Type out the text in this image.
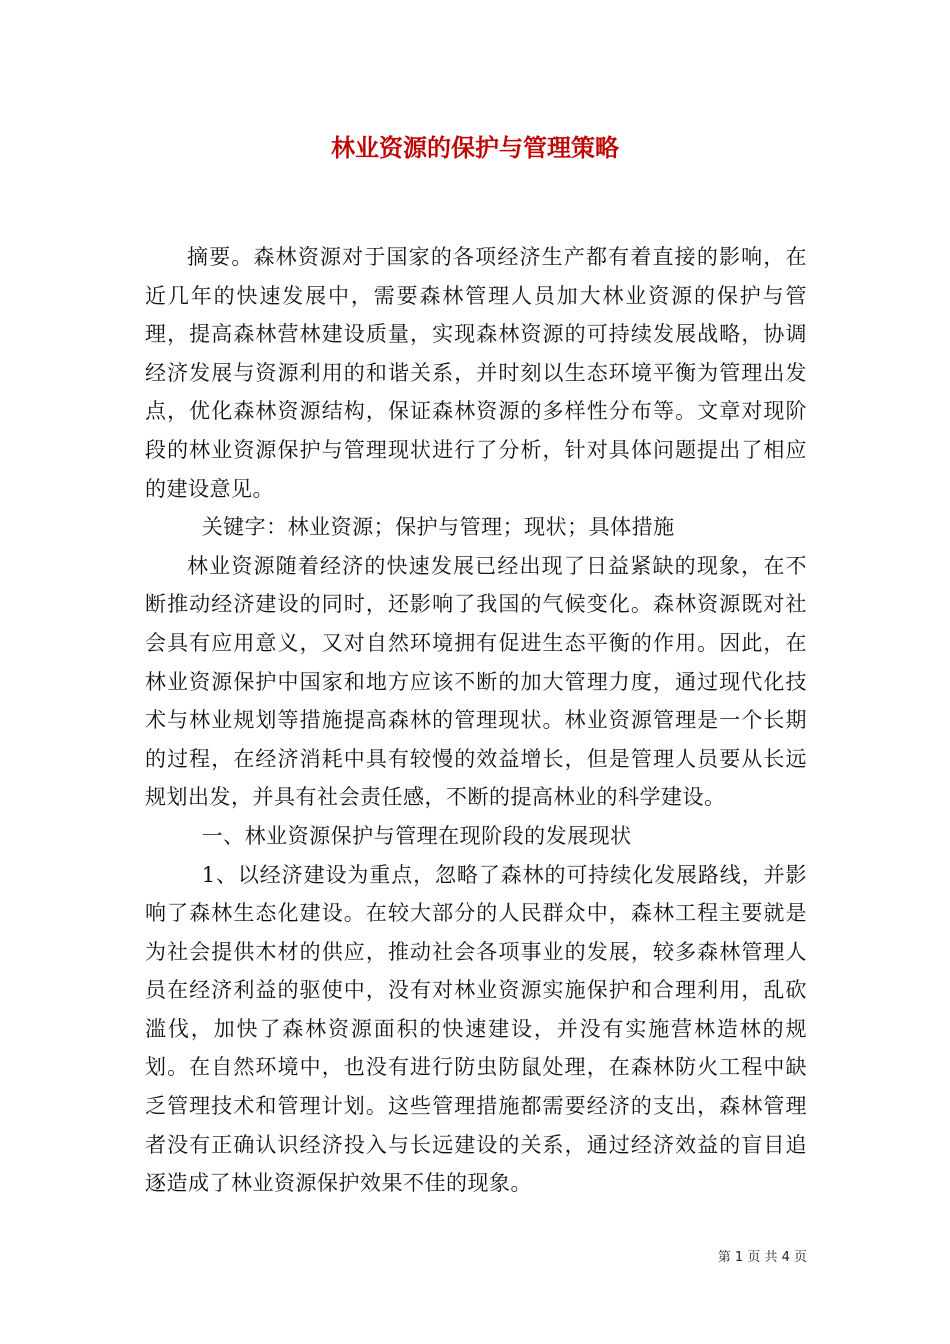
林业资源的保护与管理策略

摘要。森林资源对于国家的各项经济生产都有着直接的影响，在近几年的快速发展中，需要森林管理人员加大林业资源的保护与管理，提高森林营林建设质量，实现森林资源的可持续发展战略，协调经济发展与资源利用的和谐关系，并时刻以生态环境平衡为管理出发点，优化森林资源结构，保证森林资源的多样性分布等。文章对现阶段的林业资源保护与管理现状进行了分析，针对具体问题提出了相应的建设意见。

关键字：林业资源；保护与管理；现状；具体措施

林业资源随着经济的快速发展已经出现了日益紧缺的现象，在不断推动经济建设的同时，还影响了我国的气候变化。森林资源既对社会具有应用意义，又对自然环境拥有促进生态平衡的作用。因此，在林业资源保护中国家和地方应该不断的加大管理力度，通过现代化技术与林业规划等措施提高森林的管理现状。林业资源管理是一个长期的过程，在经济消耗中具有较慢的效益增长，但是管理人员要从长远规划出发，并具有社会责任感，不断的提高林业的科学建设。

一、林业资源保护与管理在现阶段的发展现状

1、以经济建设为重点，忽略了森林的可持续化发展路线，并影响了森林生态化建设。在较大部分的人民群众中，森林工程主要就是为社会提供木材的供应，推动社会各项事业的发展，较多森林管理人员在经济利益的驱使中，没有对林业资源实施保护和合理利用，乱砍滥伐，加快了森林资源面积的快速建设，并没有实施营林造林的规划。在自然环境中，也没有进行防虫防鼠处理，在森林防火工程中缺乏管理技术和管理计划。这些管理措施都需要经济的支出，森林管理者没有正确认识经济投入与长远建设的关系，通过经济效益的盲目追逐造成了林业资源保护效果不佳的现象。

第 1 页 共 4 页
